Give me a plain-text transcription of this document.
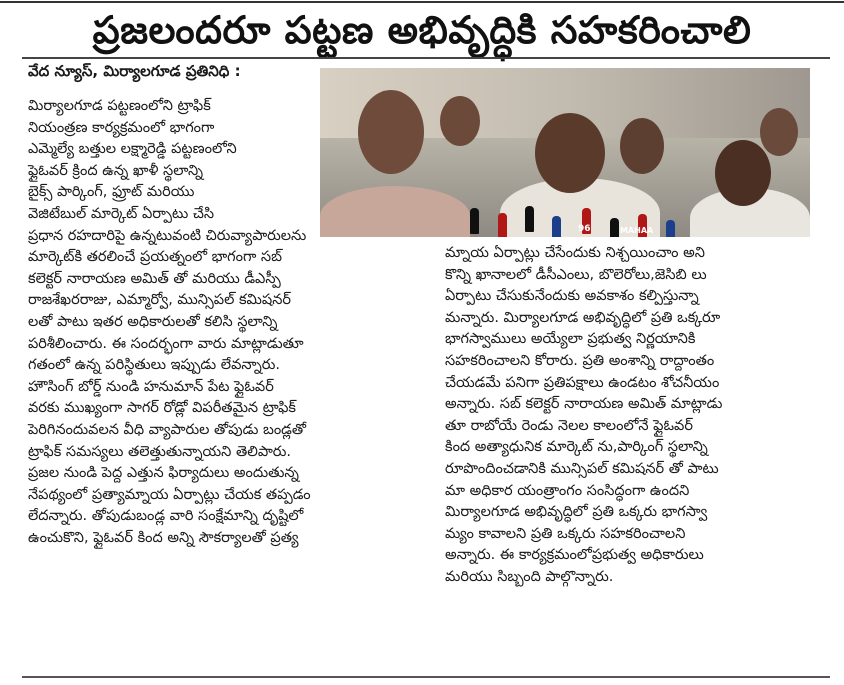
ప్రజలందరూ పట్టణ అభివృద్ధికి సహకరించాలి
వేద న్యూస్, మిర్యాలగూడ ప్రతినిధి :
96	MAHAA

మిర్యాలగూడ పట్టణంలోని ట్రాఫిక్
నియంత్రణ కార్యక్రమంలో భాగంగా
ఎమ్మెల్యే బత్తుల లక్ష్మారెడ్డి పట్టణంలోని
ఫ్లైఓవర్ క్రింద ఉన్న ఖాళీ స్థలాన్ని
బైక్స్ పార్కింగ్, ఫ్రూట్ మరియు
వెజిటేబుల్ మార్కెట్ ఏర్పాటు చేసి
ప్రధాన రహదారిపై ఉన్నటువంటి చిరువ్యాపారులను
మార్కెట్‌కి తరలించే ప్రయత్నంలో భాగంగా సబ్
కలెక్టర్ నారాయణ అమిత్ తో మరియు డీఎస్పీ
రాజశేఖరరాజు, ఎమ్మార్వో, మున్సిపల్ కమిషనర్
లతో పాటు ఇతర అధికారులతో కలిసి స్థలాన్ని
పరిశీలించారు. ఈ సందర్భంగా వారు మాట్లాడుతూ
గతంలో ఉన్న పరిస్థితులు ఇప్పుడు లేవన్నారు.
హౌసింగ్ బోర్డ్ నుండి హనుమాన్ పేట ఫ్లైఓవర్
వరకు ముఖ్యంగా సాగర్ రోడ్లో విపరీతమైన ట్రాఫిక్
పెరిగినందువలన వీధి వ్యాపారుల తోపుడు బండ్లతో
ట్రాఫిక్ సమస్యలు తలెత్తుతున్నాయని తెలిపారు.
ప్రజల నుండి పెద్ద ఎత్తున ఫిర్యాదులు అందుతున్న
నేపథ్యంలో ప్రత్యామ్నాయ ఏర్పాట్లు చేయక తప్పడం
లేదన్నారు. తోపుడుబండ్ల వారి సంక్షేమాన్ని దృష్టిలో
ఉంచుకొని, ఫ్లైఓవర్ కింద అన్ని సౌకర్యాలతో ప్రత్య

మ్నాయ ఏర్పాట్లు చేసేందుకు నిశ్చయించాం అని
కొన్ని ఖానాలలో డీసీఎంలు, బొలెరోలు,జెసిబి లు
ఏర్పాటు చేసుకునేందుకు అవకాశం కల్పిస్తున్నా
మన్నారు. మిర్యాలగూడ అభివృద్ధిలో ప్రతి ఒక్కరూ
భాగస్వాములు అయ్యేలా ప్రభుత్వ నిర్ణయానికి
సహకరించాలని కోరారు. ప్రతి అంశాన్ని రాద్దాంతం
చేయడమే పనిగా ప్రతిపక్షాలు ఉండటం శోచనీయం
అన్నారు. సబ్ కలెక్టర్ నారాయణ అమిత్ మాట్లాడు
తూ రాబోయే రెండు నెలల కాలంలోనే ఫ్లైఓవర్
కింద అత్యాధునిక మార్కెట్ ను,పార్కింగ్ స్థలాన్ని
రూపొందించడానికి మున్సిపల్ కమిషనర్ తో పాటు
మా అధికార యంత్రాంగం సంసిద్ధంగా ఉందని
మిర్యాలగూడ అభివృద్ధిలో ప్రతి ఒక్కరు భాగస్వా
మ్యం కావాలని ప్రతి ఒక్కరు సహకరించాలని
అన్నారు. ఈ కార్యక్రమంలోప్రభుత్వ అధికారులు
మరియు సిబ్బంది పాల్గొన్నారు.
